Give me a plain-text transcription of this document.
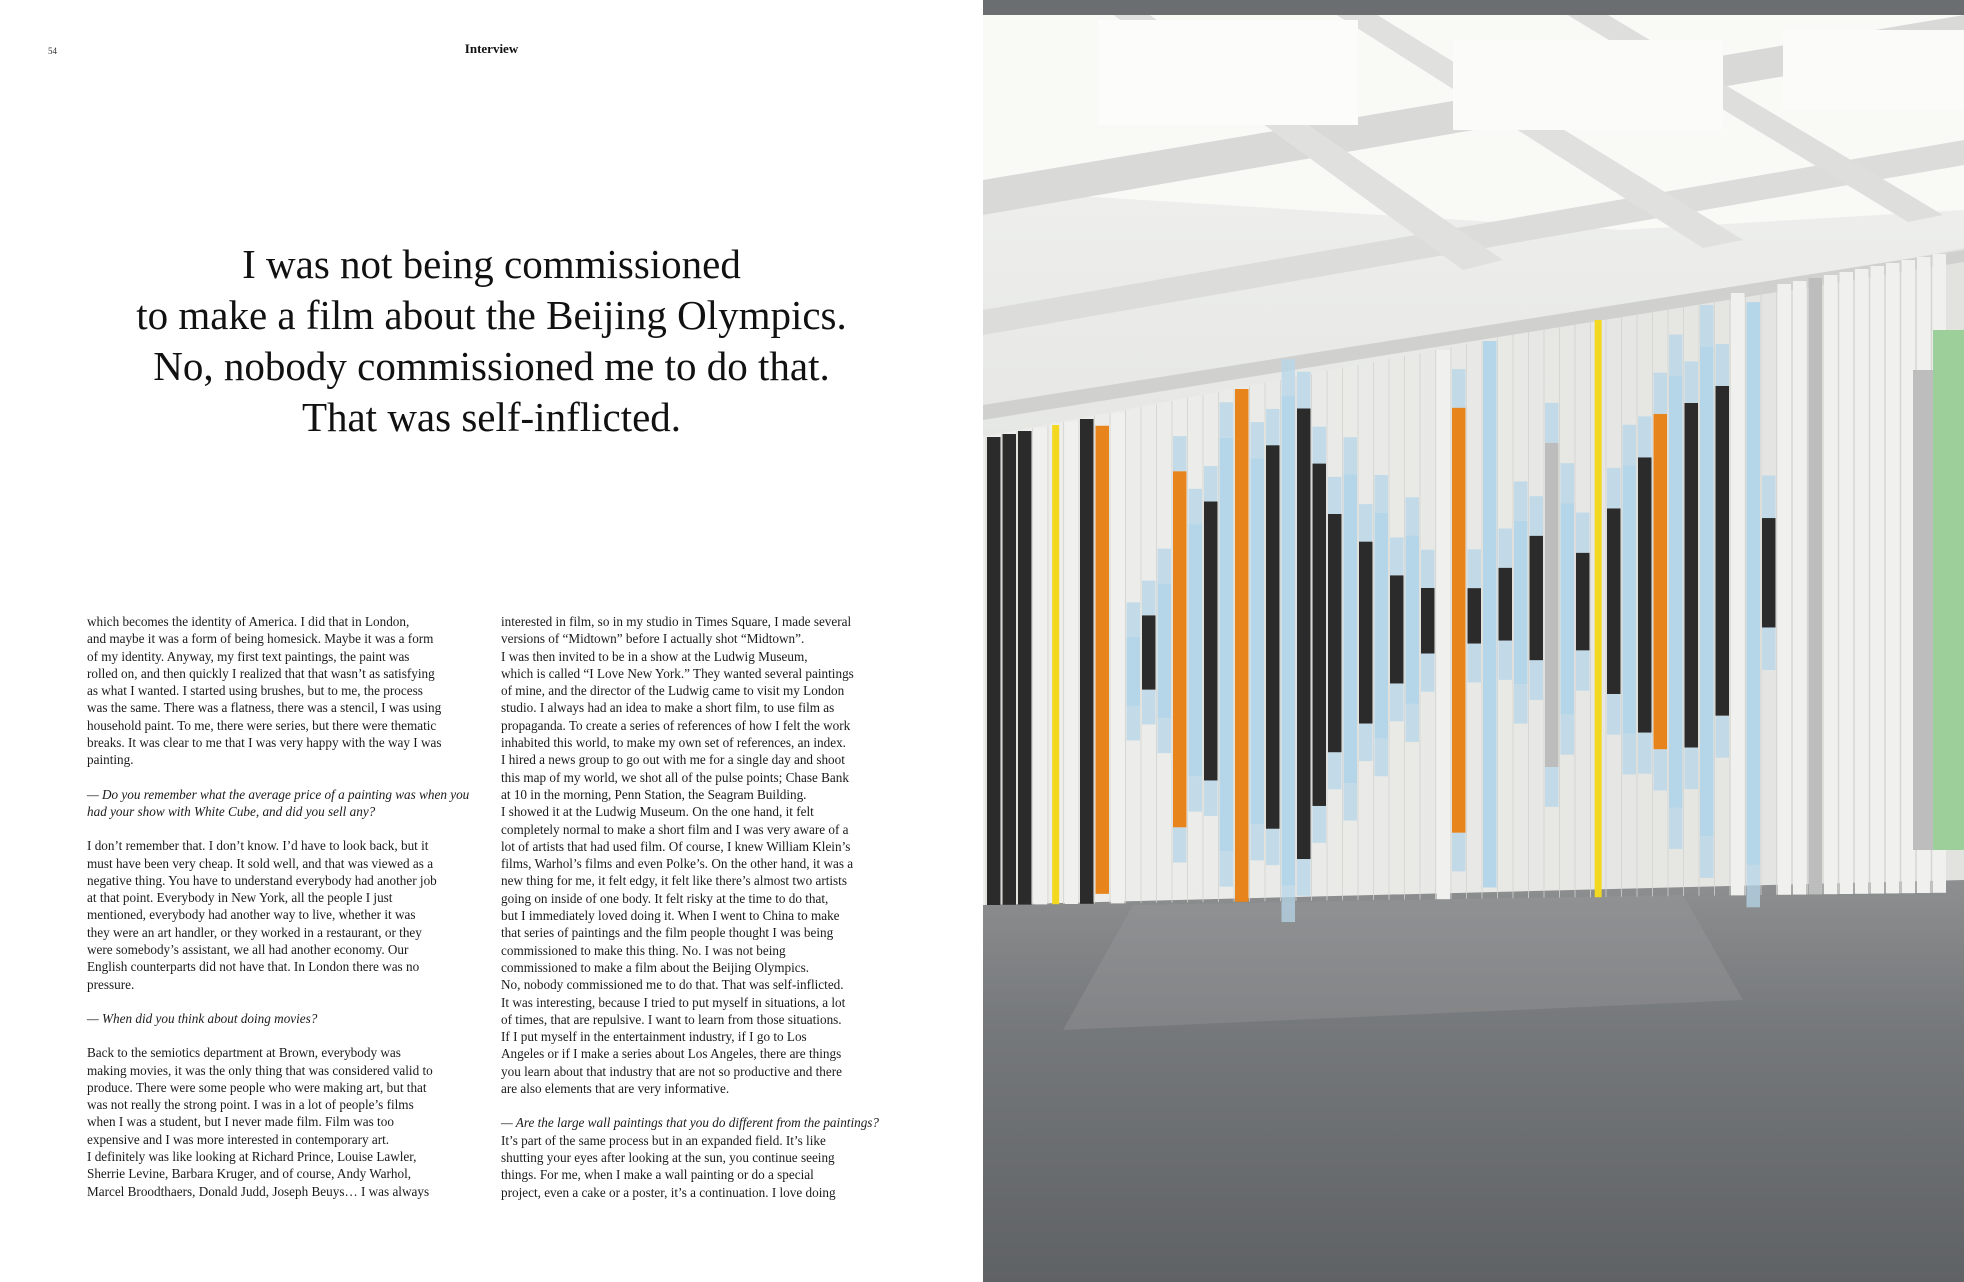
54	Interview
I was not being commissioned
to make a film about the Beijing Olympics.
No, nobody commissioned me to do that.
That was self-inflicted.

which becomes the identity of America. I did that in London,
and maybe it was a form of being homesick. Maybe it was a form
of my identity. Anyway, my first text paintings, the paint was
rolled on, and then quickly I realized that that wasn’t as satisfying
as what I wanted. I started using brushes, but to me, the process
was the same. There was a flatness, there was a stencil, I was using
household paint. To me, there were series, but there were thematic
breaks. It was clear to me that I was very happy with the way I was
painting.

— Do you remember what the average price of a painting was when you
had your show with White Cube, and did you sell any?

I don’t remember that. I don’t know. I’d have to look back, but it
must have been very cheap. It sold well, and that was viewed as a
negative thing. You have to understand everybody had another job
at that point. Everybody in New York, all the people I just
mentioned, everybody had another way to live, whether it was
they were an art handler, or they worked in a restaurant, or they
were somebody’s assistant, we all had another economy. Our
English counterparts did not have that. In London there was no
pressure.

— When did you think about doing movies?

Back to the semiotics department at Brown, everybody was
making movies, it was the only thing that was considered valid to
produce. There were some people who were making art, but that
was not really the strong point. I was in a lot of people’s films
when I was a student, but I never made film. Film was too
expensive and I was more interested in contemporary art.
I definitely was like looking at Richard Prince, Louise Lawler,
Sherrie Levine, Barbara Kruger, and of course, Andy Warhol,
Marcel Broodthaers, Donald Judd, Joseph Beuys… I was always

interested in film, so in my studio in Times Square, I made several
versions of “Midtown” before I actually shot “Midtown”.
I was then invited to be in a show at the Ludwig Museum,
which is called “I Love New York.” They wanted several paintings
of mine, and the director of the Ludwig came to visit my London
studio. I always had an idea to make a short film, to use film as
propaganda. To create a series of references of how I felt the work
inhabited this world, to make my own set of references, an index.
I hired a news group to go out with me for a single day and shoot
this map of my world, we shot all of the pulse points; Chase Bank
at 10 in the morning, Penn Station, the Seagram Building.
I showed it at the Ludwig Museum. On the one hand, it felt
completely normal to make a short film and I was very aware of a
lot of artists that had used film. Of course, I knew William Klein’s
films, Warhol’s films and even Polke’s. On the other hand, it was a
new thing for me, it felt edgy, it felt like there’s almost two artists
going on inside of one body. It felt risky at the time to do that,
but I immediately loved doing it. When I went to China to make
that series of paintings and the film people thought I was being
commissioned to make this thing. No. I was not being
commissioned to make a film about the Beijing Olympics.
No, nobody commissioned me to do that. That was self-inflicted.
It was interesting, because I tried to put myself in situations, a lot
of times, that are repulsive. I want to learn from those situations.
If I put myself in the entertainment industry, if I go to Los
Angeles or if I make a series about Los Angeles, there are things
you learn about that industry that are not so productive and there
are also elements that are very informative.

— Are the large wall paintings that you do different from the paintings?

It’s part of the same process but in an expanded field. It’s like
shutting your eyes after looking at the sun, you continue seeing
things. For me, when I make a wall painting or do a special
project, even a cake or a poster, it’s a continuation. I love doing
